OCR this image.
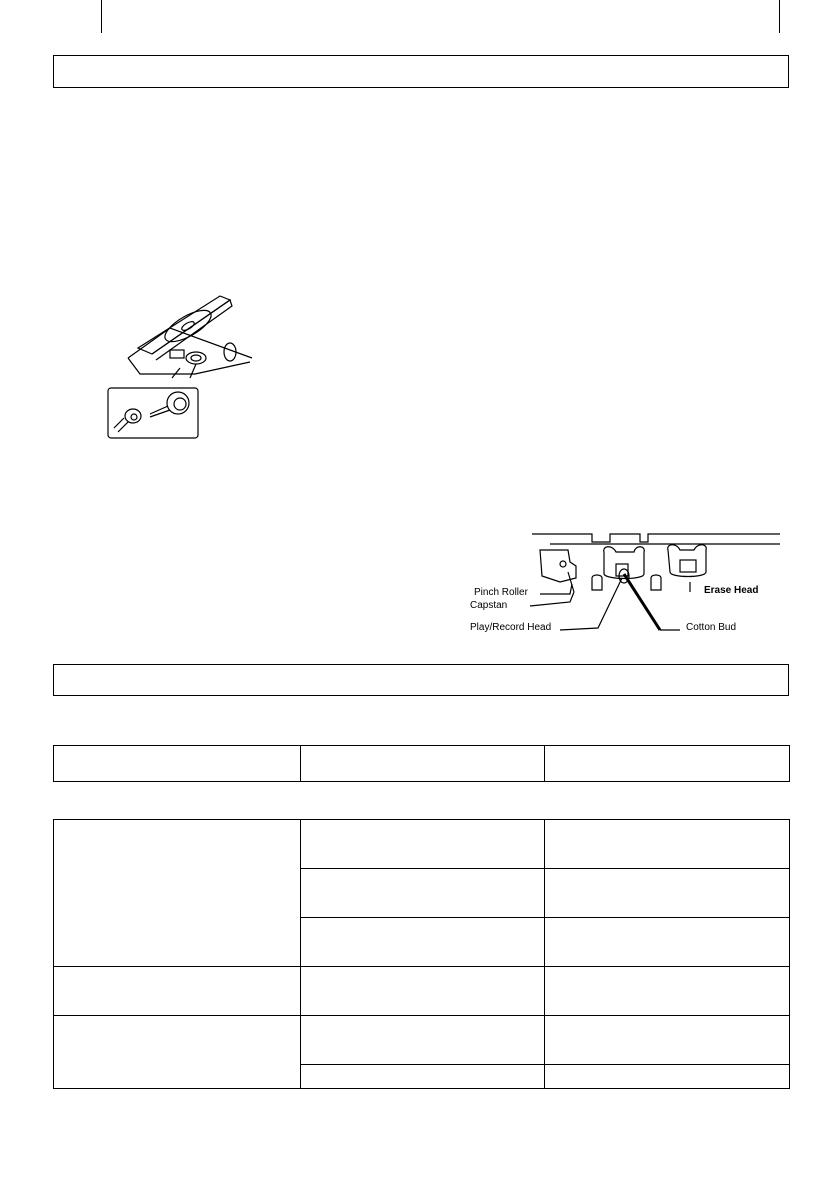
Pinch Roller
Capstan
Play/Record Head
Erase Head
Cotton Bud
